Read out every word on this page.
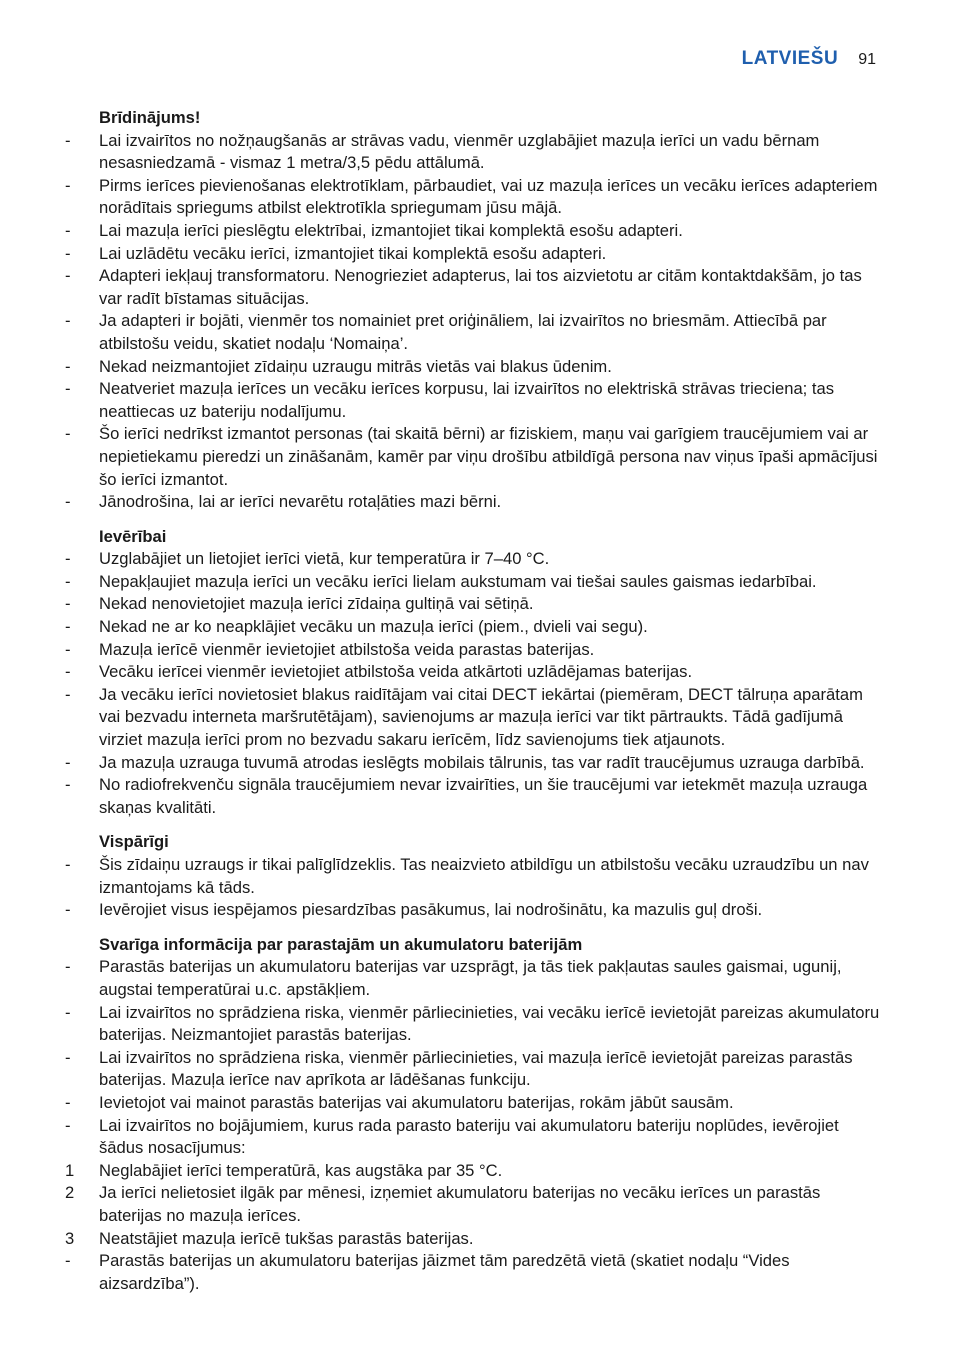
LATVIEŠU 91
Brīdinājums!
-	Lai izvairītos no nožņaugšanās ar strāvas vadu, vienmēr uzglabājiet mazuļa ierīci un vadu bērnam nesasniedzamā - vismaz 1 metra/3,5 pēdu attālumā.
-	Pirms ierīces pievienošanas elektrotīklam, pārbaudiet, vai uz mazuļa ierīces un vecāku ierīces adapteriem norādītais spriegums atbilst elektrotīkla spriegumam jūsu mājā.
-	Lai mazuļa ierīci pieslēgtu elektrībai, izmantojiet tikai komplektā esošu adapteri.
-	Lai uzlādētu vecāku ierīci, izmantojiet tikai komplektā esošu adapteri.
-	Adapteri iekļauj transformatoru. Nenogrieziet adapterus, lai tos aizvietotu ar citām kontaktdakšām, jo tas var radīt bīstamas situācijas.
-	Ja adapteri ir bojāti, vienmēr tos nomainiet pret oriģināliem, lai izvairītos no briesmām. Attiecībā par atbilstošu veidu, skatiet nodaļu ‘Nomaiņa’.
-	Nekad neizmantojiet zīdaiņu uzraugu mitrās vietās vai blakus ūdenim.
-	Neatveriet mazuļa ierīces un vecāku ierīces korpusu, lai izvairītos no elektriskā strāvas trieciena; tas neattiecas uz bateriju nodalījumu.
-	Šo ierīci nedrīkst izmantot personas (tai skaitā bērni) ar fiziskiem, maņu vai garīgiem traucējumiem vai ar nepietiekamu pieredzi un zināšanām, kamēr par viņu drošību atbildīgā persona nav viņus īpaši apmācījusi šo ierīci izmantot.
-	Jānodrošina, lai ar ierīci nevarētu rotaļāties mazi bērni.
Ievērībai
-	Uzglabājiet un lietojiet ierīci vietā, kur temperatūra ir 7–40 °C.
-	Nepakļaujiet mazuļa ierīci un vecāku ierīci lielam aukstumam vai tiešai saules gaismas iedarbībai.
-	Nekad nenovietojiet mazuļa ierīci zīdaiņa gultiņā vai sētiņā.
-	Nekad ne ar ko neapklājiet vecāku un mazuļa ierīci (piem., dvieli vai segu).
-	Mazuļa ierīcē vienmēr ievietojiet atbilstoša veida parastas baterijas.
-	Vecāku ierīcei vienmēr ievietojiet atbilstoša veida atkārtoti uzlādējamas baterijas.
-	Ja vecāku ierīci novietosiet blakus raidītājam vai citai DECT iekārtai (piemēram, DECT tālruņa aparātam vai bezvadu interneta maršrutētājam), savienojums ar mazuļa ierīci var tikt pārtraukts. Tādā gadījumā virziet mazuļa ierīci prom no bezvadu sakaru ierīcēm, līdz savienojums tiek atjaunots.
-	Ja mazuļa uzrauga tuvumā atrodas ieslēgts mobilais tālrunis, tas var radīt traucējumus uzrauga darbībā.
-	No radiofrekvenču signāla traucējumiem nevar izvairīties, un šie traucējumi var ietekmēt mazuļa uzrauga skaņas kvalitāti.
Vispārīgi
-	Šis zīdaiņu uzraugs ir tikai palīglīdzeklis. Tas neaizvieto atbildīgu un atbilstošu vecāku uzraudzību un nav izmantojams kā tāds.
-	Ievērojiet visus iespējamos piesardzības pasākumus, lai nodrošinātu, ka mazulis guļ droši.
Svarīga informācija par parastajām un akumulatoru baterijām
-	Parastās baterijas un akumulatoru baterijas var uzsprāgt, ja tās tiek pakļautas saules gaismai, ugunij, augstai temperatūrai u.c. apstākļiem.
-	Lai izvairītos no sprādziena riska, vienmēr pārliecinieties, vai vecāku ierīcē ievietojāt pareizas akumulatoru baterijas. Neizmantojiet parastās baterijas.
-	Lai izvairītos no sprādziena riska, vienmēr pārliecinieties, vai mazuļa ierīcē ievietojāt pareizas parastās baterijas. Mazuļa ierīce nav aprīkota ar lādēšanas funkciju.
-	Ievietojot vai mainot parastās baterijas vai akumulatoru baterijas, rokām jābūt sausām.
-	Lai izvairītos no bojājumiem, kurus rada parasto bateriju vai akumulatoru bateriju noplūdes, ievērojiet šādus nosacījumus:
1	Neglabājiet ierīci temperatūrā, kas augstāka par 35 °C.
2	Ja ierīci nelietosiet ilgāk par mēnesi, izņemiet akumulatoru baterijas no vecāku ierīces un parastās baterijas no mazuļa ierīces.
3	Neatstājiet mazuļa ierīcē tukšas parastās baterijas.
-	Parastās baterijas un akumulatoru baterijas jāizmet tām paredzētā vietā (skatiet nodaļu “Vides aizsardzība”).
